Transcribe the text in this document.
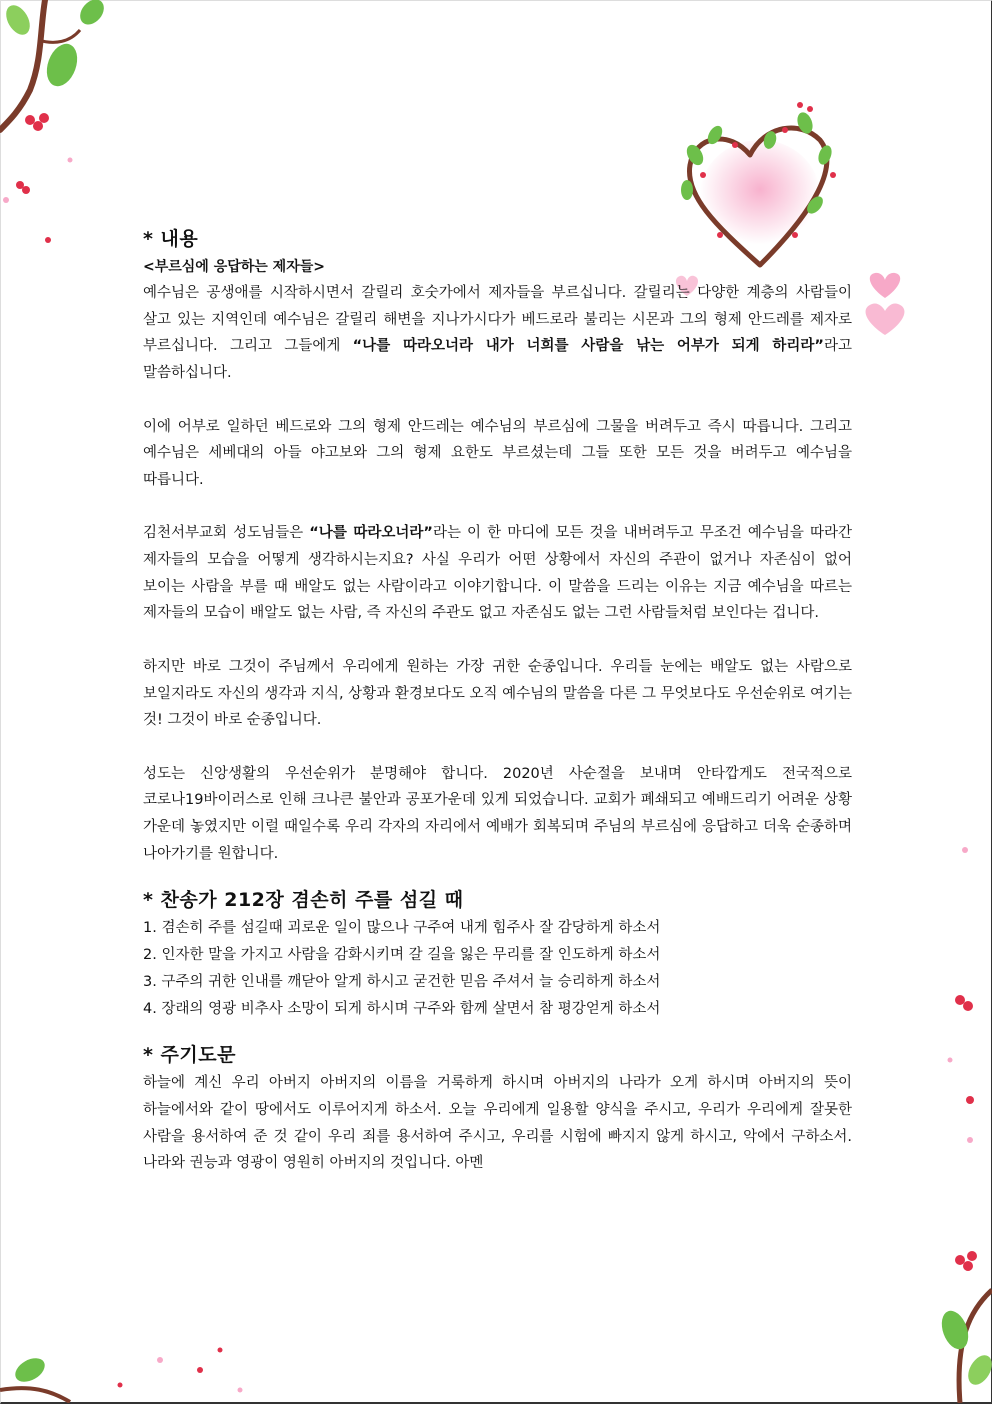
* 내용
<부르심에 응답하는 제자들>

예수님은 공생애를 시작하시면서 갈릴리 호숫가에서 제자들을 부르십니다. 갈릴리는 다양한 계층의 사람들이 살고 있는 지역인데 예수님은 갈릴리 해변을 지나가시다가 베드로라 불리는 시몬과 그의 형제 안드레를 제자로 부르십니다. 그리고 그들에게 “나를 따라오너라 내가 너희를 사람을 낚는 어부가 되게 하리라”라고 말씀하십니다.

이에 어부로 일하던 베드로와 그의 형제 안드레는 예수님의 부르심에 그물을 버려두고 즉시 따릅니다. 그리고 예수님은 세베대의 아들 야고보와 그의 형제 요한도 부르셨는데 그들 또한 모든 것을 버려두고 예수님을 따릅니다.

김천서부교회 성도님들은 “나를 따라오너라”라는 이 한 마디에 모든 것을 내버려두고 무조건 예수님을 따라간 제자들의 모습을 어떻게 생각하시는지요? 사실 우리가 어떤 상황에서 자신의 주관이 없거나 자존심이 없어 보이는 사람을 부를 때 배알도 없는 사람이라고 이야기합니다. 이 말씀을 드리는 이유는 지금 예수님을 따르는 제자들의 모습이 배알도 없는 사람, 즉 자신의 주관도 없고 자존심도 없는 그런 사람들처럼 보인다는 겁니다.

하지만 바로 그것이 주님께서 우리에게 원하는 가장 귀한 순종입니다. 우리들 눈에는 배알도 없는 사람으로 보일지라도 자신의 생각과 지식, 상황과 환경보다도 오직 예수님의 말씀을 다른 그 무엇보다도 우선순위로 여기는 것! 그것이 바로 순종입니다.

성도는 신앙생활의 우선순위가 분명해야 합니다. 2020년 사순절을 보내며 안타깝게도 전국적으로 코로나19바이러스로 인해 크나큰 불안과 공포가운데 있게 되었습니다. 교회가 폐쇄되고 예배드리기 어려운 상황 가운데 놓였지만 이럴 때일수록 우리 각자의 자리에서 예배가 회복되며 주님의 부르심에 응답하고 더욱 순종하며 나아가기를 원합니다.

* 찬송가 212장 겸손히 주를 섬길 때
1. 겸손히 주를 섬길때 괴로운 일이 많으나 구주여 내게 힘주사 잘 감당하게 하소서
2. 인자한 말을 가지고 사람을 감화시키며 갈 길을 잃은 무리를 잘 인도하게 하소서
3. 구주의 귀한 인내를 깨닫아 알게 하시고 굳건한 믿음 주셔서 늘 승리하게 하소서
4. 장래의 영광 비추사 소망이 되게 하시며 구주와 함께 살면서 참 평강얻게 하소서
* 주기도문

하늘에 계신 우리 아버지 아버지의 이름을 거룩하게 하시며 아버지의 나라가 오게 하시며 아버지의 뜻이 하늘에서와 같이 땅에서도 이루어지게 하소서. 오늘 우리에게 일용할 양식을 주시고, 우리가 우리에게 잘못한 사람을 용서하여 준 것 같이 우리 죄를 용서하여 주시고, 우리를 시험에 빠지지 않게 하시고, 악에서 구하소서. 나라와 권능과 영광이 영원히 아버지의 것입니다. 아멘
